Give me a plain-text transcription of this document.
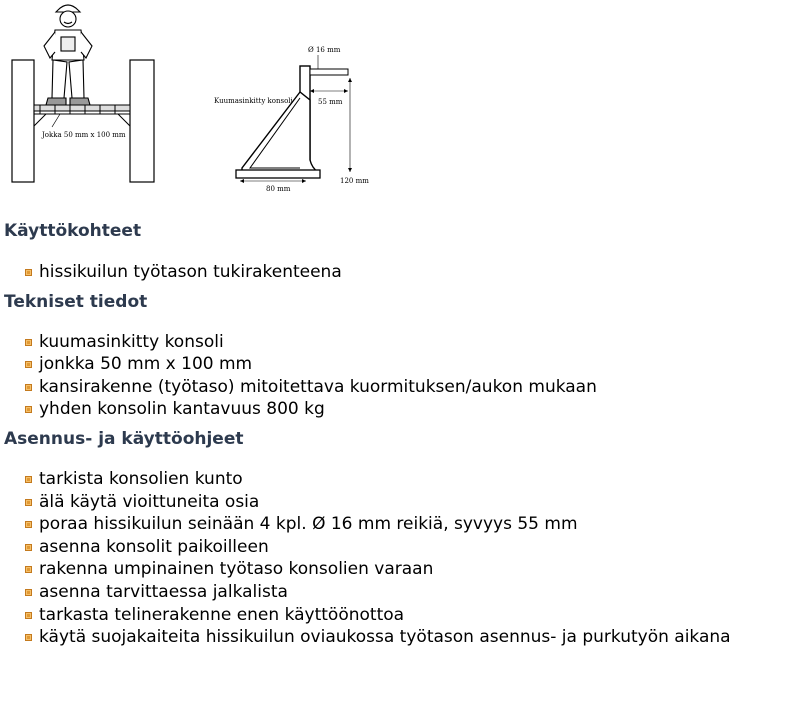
Jokka 50 mm x 100 mm
Ø 16 mm
55 mm
120 mm
80 mm
Kuumasinkitty konsoli
Käyttökohteet
hissikuilun työtason tukirakenteena
Tekniset tiedot
kuumasinkitty konsoli
jonkka 50 mm x 100 mm
kansirakenne (työtaso) mitoitettava kuormituksen/aukon mukaan
yhden konsolin kantavuus 800 kg
Asennus- ja käyttöohjeet
tarkista konsolien kunto
älä käytä vioittuneita osia
poraa hissikuilun seinään 4 kpl. Ø 16 mm reikiä, syvyys 55 mm
asenna konsolit paikoilleen
rakenna umpinainen työtaso konsolien varaan
asenna tarvittaessa jalkalista
tarkasta telinerakenne enen käyttöönottoa
käytä suojakaiteita hissikuilun oviaukossa työtason asennus- ja purkutyön aikana
